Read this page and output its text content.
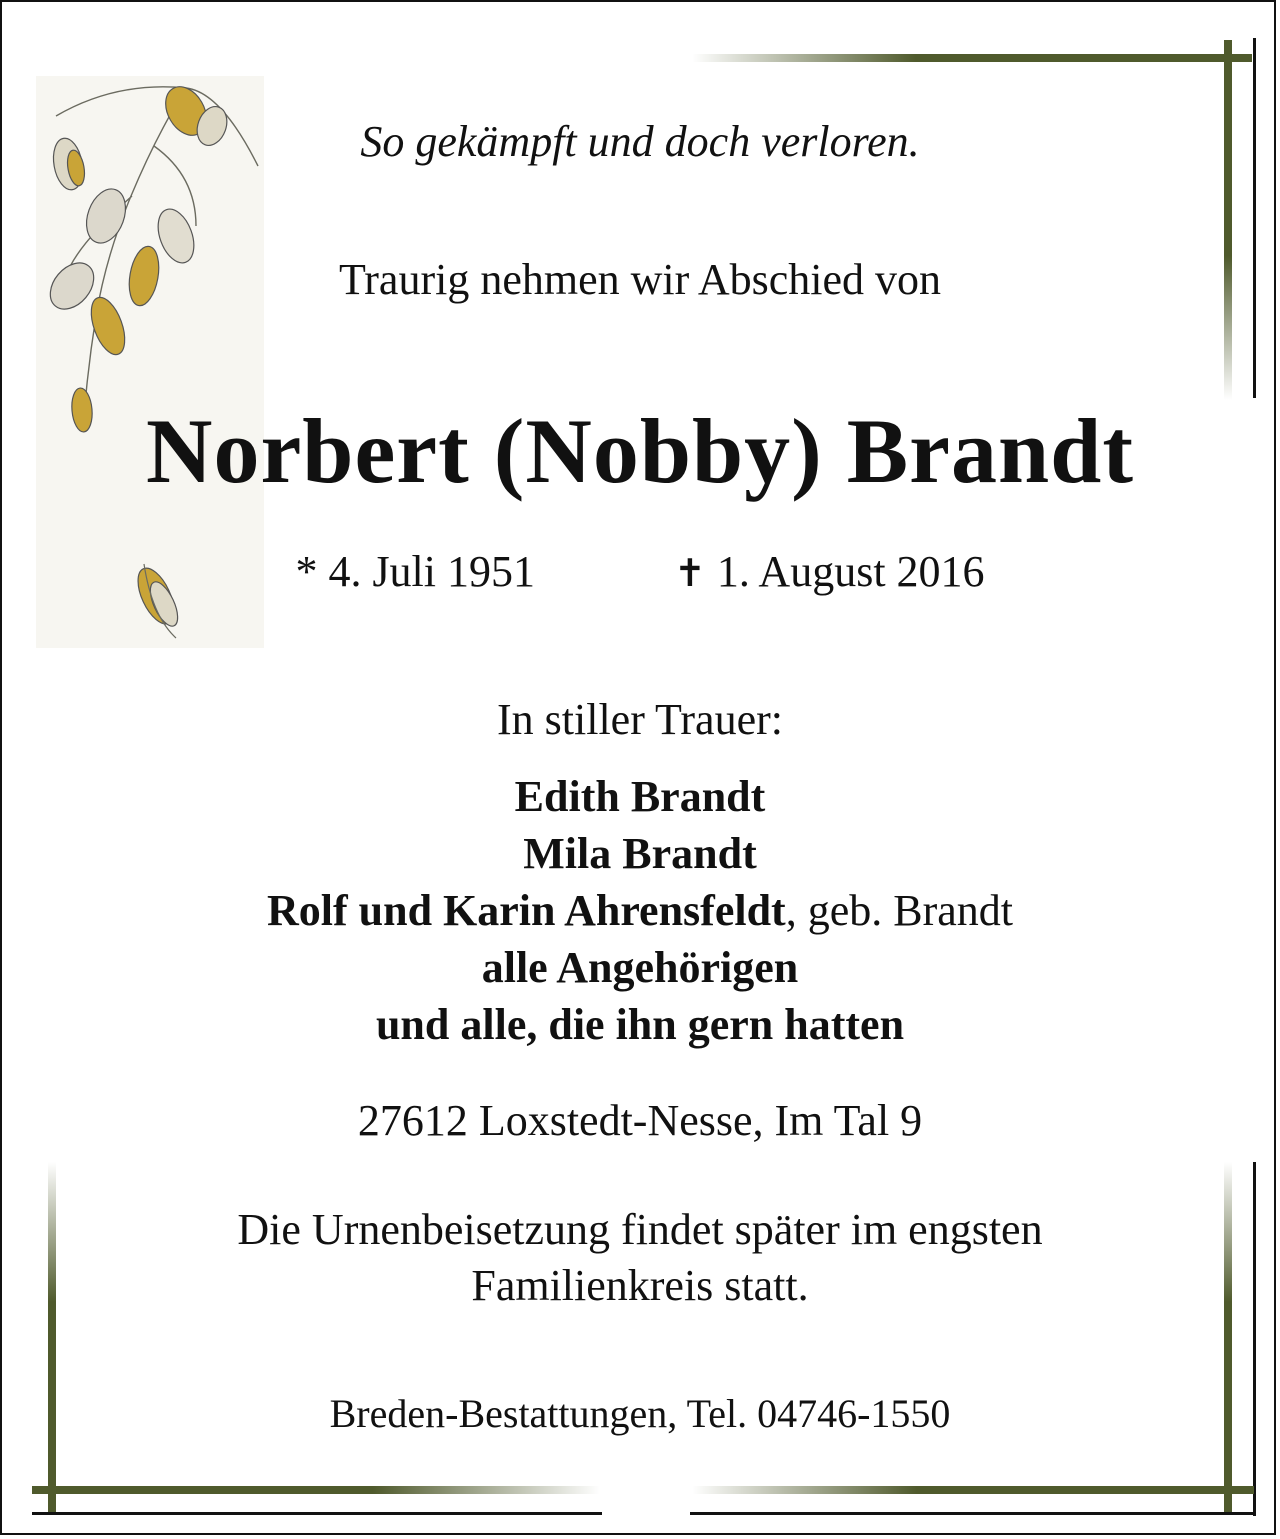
So gekämpft und doch verloren.
Traurig nehmen wir Abschied von
Norbert (Nobby) Brandt
* 4. Juli 1951	✝ 1. August 2016
In stiller Trauer:
Edith Brandt
Mila Brandt
Rolf und Karin Ahrensfeldt, geb. Brandt
alle Angehörigen
und alle, die ihn gern hatten
27612 Loxstedt-Nesse, Im Tal 9
Die Urnenbeisetzung findet später im engsten
Familienkreis statt.
Breden-Bestattungen, Tel. 04746-1550
